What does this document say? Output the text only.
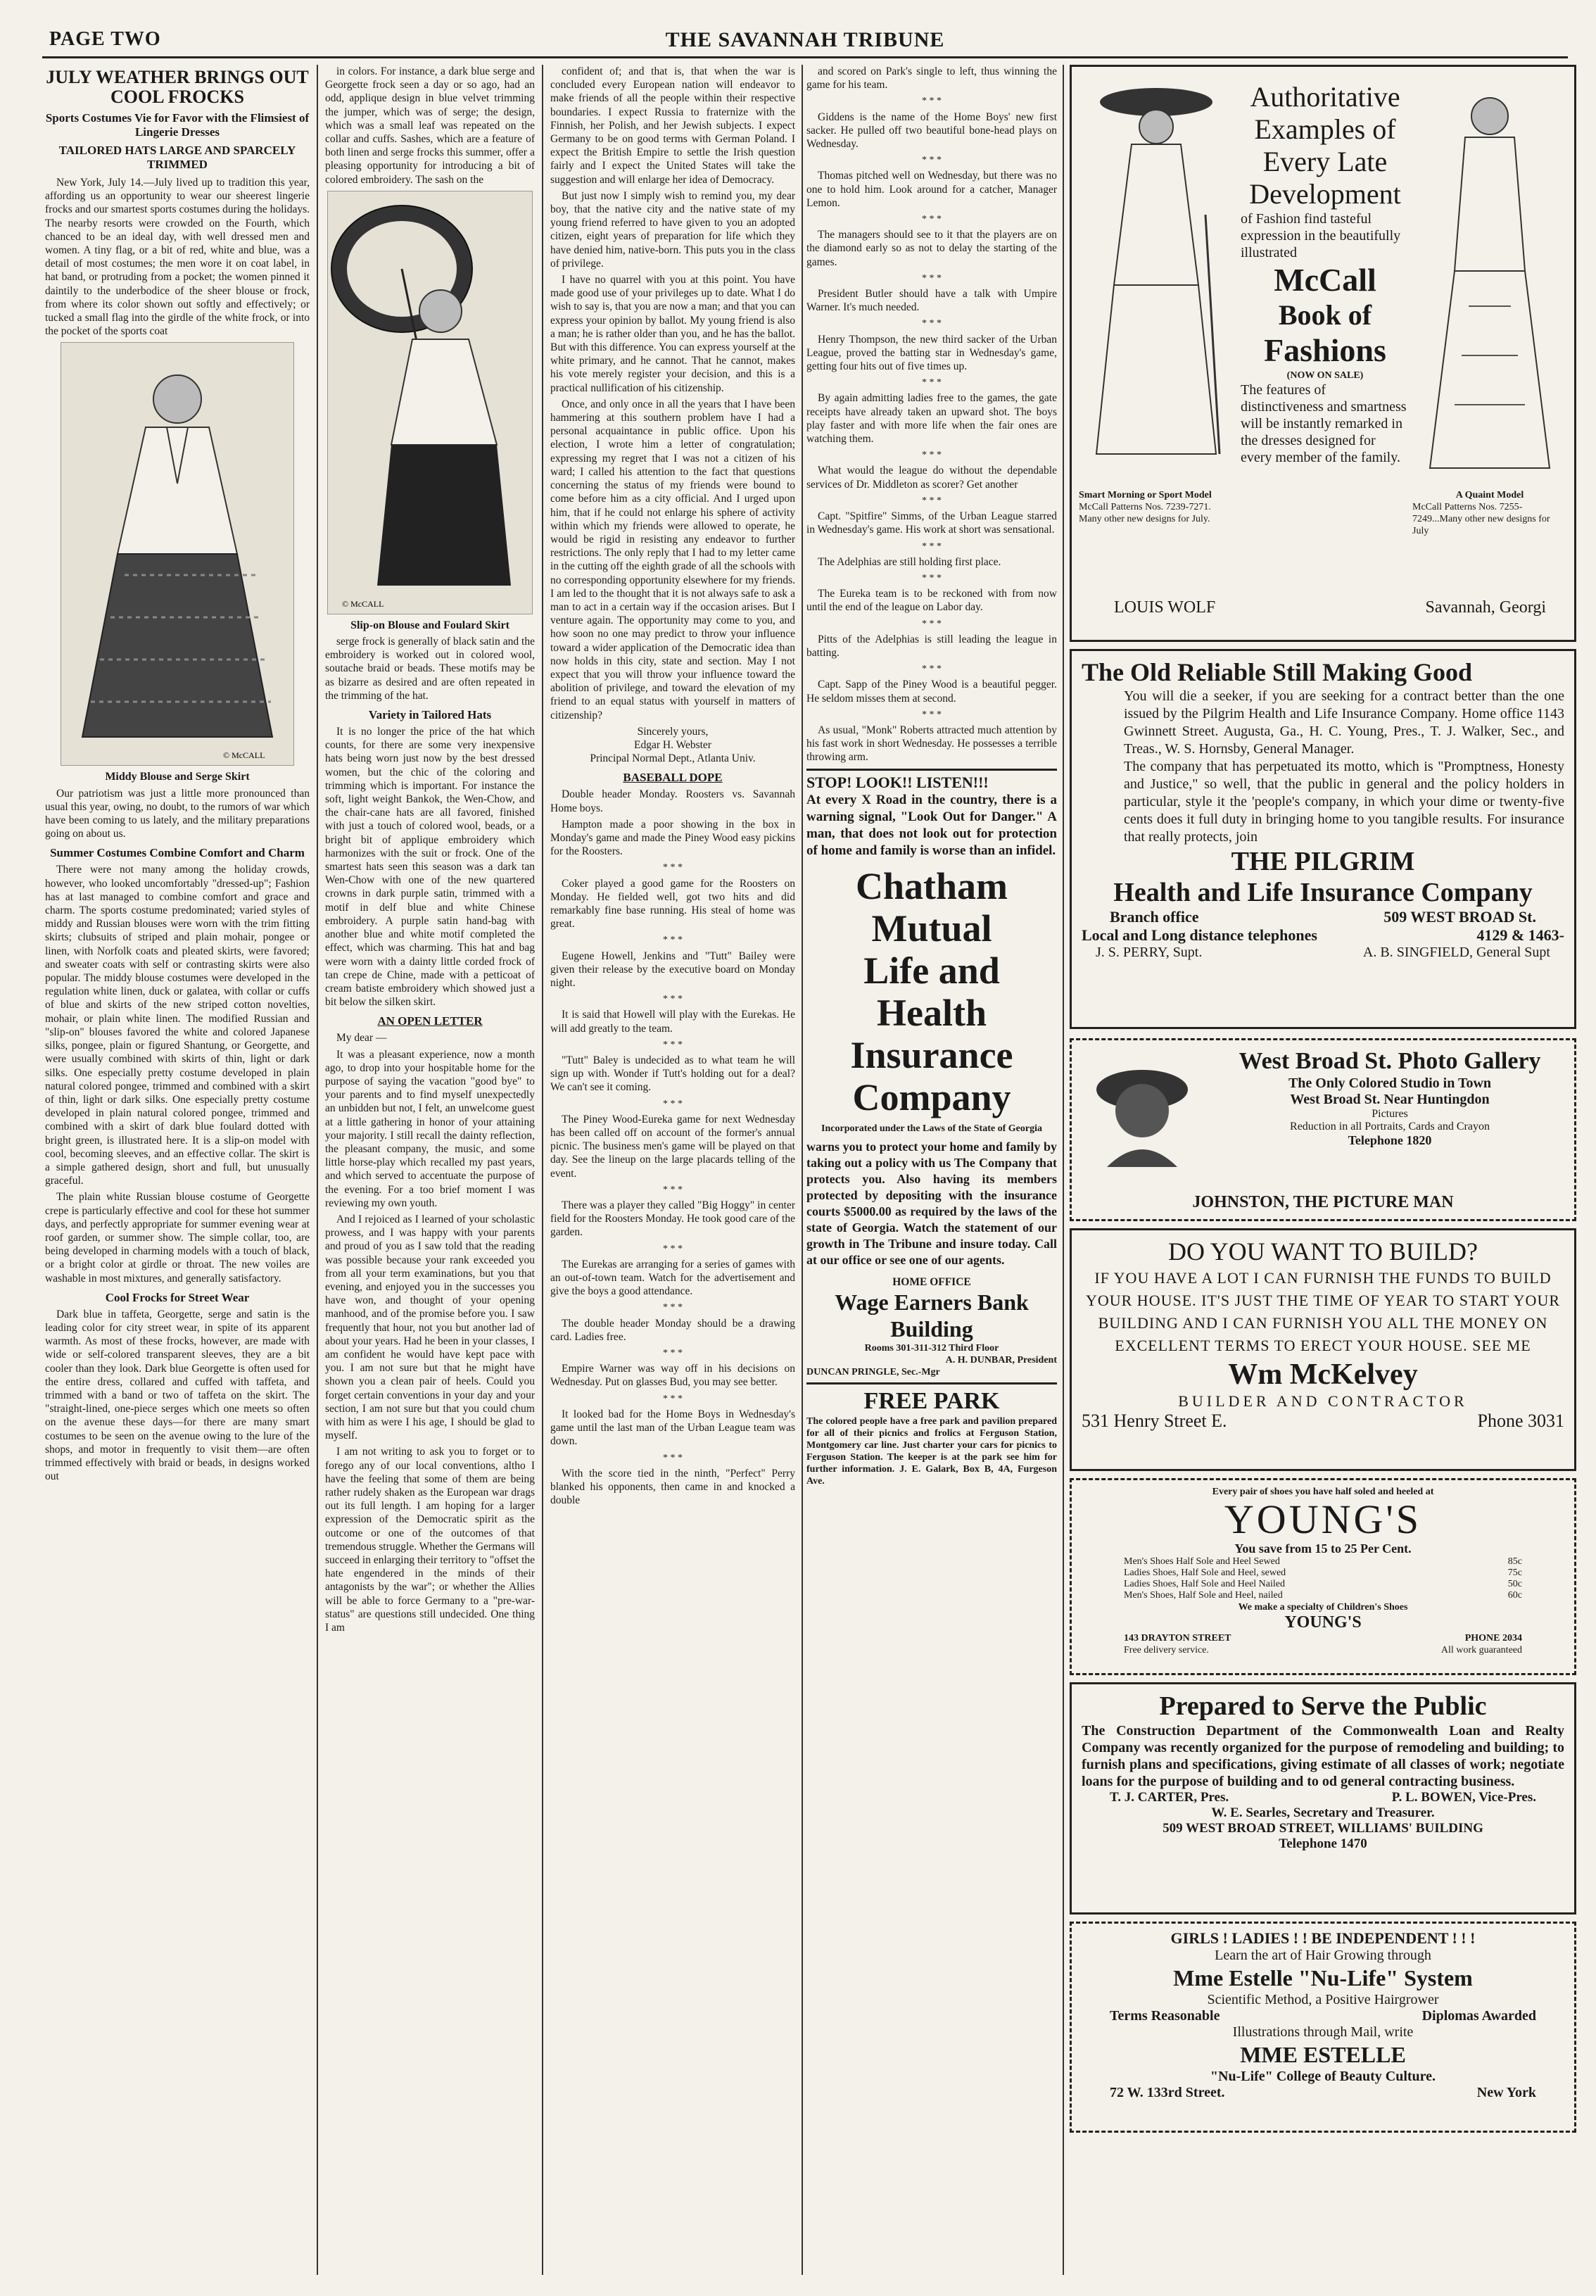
PAGE TWO	THE SAVANNAH TRIBUNE
JULY WEATHER BRINGS OUT COOL FROCKS
Sports Costumes Vie for Favor with the Flimsiest of Lingerie Dresses
TAILORED HATS LARGE AND SPARCELY TRIMMED

New York, July 14.—July lived up to tradition this year, affording us an opportunity to wear our sheerest lingerie frocks and our smartest sports costumes during the holidays. The nearby resorts were crowded on the Fourth, which chanced to be an ideal day, with well dressed men and women. A tiny flag, or a bit of red, white and blue, was a detail of most costumes; the men wore it on coat label, in hat band, or protruding from a pocket; the women pinned it daintily to the underbodice of the sheer blouse or frock, from where its color shown out softly and effectively; or tucked a small flag into the girdle of the white frock, or into the pocket of the sports coat

© McCALL
Middy Blouse and Serge Skirt

Our patriotism was just a little more pronounced than usual this year, owing, no doubt, to the rumors of war which have been coming to us lately, and the military preparations going on about us.

Summer Costumes Combine Comfort and Charm

There were not many among the holiday crowds, however, who looked uncomfortably "dressed-up"; Fashion has at last managed to combine comfort and grace and charm. The sports costume predominated; varied styles of middy and Russian blouses were worn with the trim fitting skirts; clubsuits of striped and plain mohair, pongee or linen, with Norfolk coats and pleated skirts, were favored; and sweater coats with self or contrasting skirts were also popular. The middy blouse costumes were developed in the regulation white linen, duck or galatea, with collar or cuffs of blue and skirts of the new striped cotton novelties, mohair, or plain white linen. The modified Russian and "slip-on" blouses favored the white and colored Japanese silks, pongee, plain or figured Shantung, or Georgette, and were usually combined with skirts of thin, light or dark silks. One especially pretty costume developed in plain natural colored pongee, trimmed and combined with a skirt of thin, light or dark silks. One especially pretty costume developed in plain natural colored pongee, trimmed and combined with a skirt of dark blue foulard dotted with bright green, is illustrated here. It is a slip-on model with cool, becoming sleeves, and an effective collar. The skirt is a simple gathered design, short and full, but unusually graceful.

The plain white Russian blouse costume of Georgette crepe is particularly effective and cool for these hot summer days, and perfectly appropriate for summer evening wear at roof garden, or summer show. The simple collar, too, are being developed in charming models with a touch of black, or a bright color at girdle or throat. The new voiles are washable in most mixtures, and generally satisfactory.

Cool Frocks for Street Wear

Dark blue in taffeta, Georgette, serge and satin is the leading color for city street wear, in spite of its apparent warmth. As most of these frocks, however, are made with wide or self-colored transparent sleeves, they are a bit cooler than they look. Dark blue Georgette is often used for the entire dress, collared and cuffed with taffeta, and trimmed with a band or two of taffeta on the skirt. The "straight-lined, one-piece serges which one meets so often on the avenue these days—for there are many smart costumes to be seen on the avenue owing to the lure of the shops, and motor in frequently to visit them—are often trimmed effectively with braid or beads, in designs worked out

in colors. For instance, a dark blue serge and Georgette frock seen a day or so ago, had an odd, applique design in blue velvet trimming the jumper, which was of serge; the design, which was a small leaf was repeated on the collar and cuffs. Sashes, which are a feature of both linen and serge frocks this summer, offer a pleasing opportunity for introducing a bit of colored embroidery. The sash on the

© McCALL
Slip-on Blouse and Foulard Skirt

serge frock is generally of black satin and the embroidery is worked out in colored wool, soutache braid or beads. These motifs may be as bizarre as desired and are often repeated in the trimming of the hat.

Variety in Tailored Hats

It is no longer the price of the hat which counts, for there are some very inexpensive hats being worn just now by the best dressed women, but the chic of the coloring and trimming which is important. For instance the soft, light weight Bankok, the Wen-Chow, and the chair-cane hats are all favored, finished with just a touch of colored wool, beads, or a bright bit of applique embroidery which harmonizes with the suit or frock. One of the smartest hats seen this season was a dark tan Wen-Chow with one of the new quartered crowns in dark purple satin, trimmed with a motif in delf blue and white Chinese embroidery. A purple satin hand-bag with another blue and white motif completed the effect, which was charming. This hat and bag were worn with a dainty little corded frock of tan crepe de Chine, made with a petticoat of cream batiste embroidery which showed just a bit below the silken skirt.

AN OPEN LETTER

My dear —

It was a pleasant experience, now a month ago, to drop into your hospitable home for the purpose of saying the vacation "good bye" to your parents and to find myself unexpectedly an unbidden but not, I felt, an unwelcome guest at a little gathering in honor of your attaining your majority. I still recall the dainty reflection, the pleasant company, the music, and some little horse-play which recalled my past years, and which served to accentuate the purpose of the evening. For a too brief moment I was reviewing my own youth.

And I rejoiced as I learned of your scholastic prowess, and I was happy with your parents and proud of you as I saw told that the reading was possible because your rank exceeded you from all your term examinations, but you that evening, and enjoyed you in the successes you have won, and thought of your opening manhood, and of the promise before you. I saw frequently that hour, not you but another lad of about your years. Had he been in your classes, I am confident he would have kept pace with you. I am not sure but that he might have shown you a clean pair of heels. Could you forget certain conventions in your day and your section, I am not sure but that you could chum with him as were I his age, I should be glad to myself.

I am not writing to ask you to forget or to forego any of our local conventions, altho I have the feeling that some of them are being rather rudely shaken as the European war drags out its full length. I am hoping for a larger expression of the Democratic spirit as the outcome or one of the outcomes of that tremendous struggle. Whether the Germans will succeed in enlarging their territory to "offset the hate engendered in the minds of their antagonists by the war"; or whether the Allies will be able to force Germany to a "pre-war-status" are questions still undecided. One thing I am

confident of; and that is, that when the war is concluded every European nation will endeavor to make friends of all the people within their respective boundaries. I expect Russia to fraternize with the Finnish, her Polish, and her Jewish subjects. I expect Germany to be on good terms with German Poland. I expect the British Empire to settle the Irish question fairly and I expect the United States will take the suggestion and will enlarge her idea of Democracy.

But just now I simply wish to remind you, my dear boy, that the native city and the native state of my young friend referred to have given to you an adopted citizen, eight years of preparation for life which they have denied him, native-born. This puts you in the class of privilege.

I have no quarrel with you at this point. You have made good use of your privileges up to date. What I do wish to say is, that you are now a man; and that you can express your opinion by ballot. My young friend is also a man; he is rather older than you, and he has the ballot. But with this difference. You can express yourself at the white primary, and he cannot. That he cannot, makes his vote merely register your decision, and this is a practical nullification of his citizenship.

Once, and only once in all the years that I have been hammering at this southern problem have I had a personal acquaintance in public office. Upon his election, I wrote him a letter of congratulation; expressing my regret that I was not a citizen of his ward; I called his attention to the fact that questions concerning the status of my friends were bound to come before him as a city official. And I urged upon him, that if he could not enlarge his sphere of activity within which my friends were allowed to operate, he would be rigid in resisting any endeavor to further restrictions. The only reply that I had to my letter came in the cutting off the eighth grade of all the schools with no corresponding opportunity elsewhere for my friends. I am led to the thought that it is not always safe to ask a man to act in a certain way if the occasion arises. But I venture again. The opportunity may come to you, and how soon no one may predict to throw your influence toward a wider application of the Democratic idea than now holds in this city, state and section. May I not expect that you will throw your influence toward the abolition of privilege, and toward the elevation of my friend to an equal status with yourself in matters of citizenship?

Sincerely yours,
Edgar H. Webster
Principal Normal Dept., Atlanta Univ.
BASEBALL DOPE

Double header Monday. Roosters vs. Savannah Home boys.

Hampton made a poor showing in the box in Monday's game and made the Piney Wood easy pickins for the Roosters.

* * *

Coker played a good game for the Roosters on Monday. He fielded well, got two hits and did remarkably fine base running. His steal of home was great.

* * *

Eugene Howell, Jenkins and "Tutt" Bailey were given their release by the executive board on Monday night.

* * *

It is said that Howell will play with the Eurekas. He will add greatly to the team.

* * *

"Tutt" Baley is undecided as to what team he will sign up with. Wonder if Tutt's holding out for a deal? We can't see it coming.

* * *

The Piney Wood-Eureka game for next Wednesday has been called off on account of the former's annual picnic. The business men's game will be played on that day. See the lineup on the large placards telling of the event.

* * *

There was a player they called "Big Hoggy" in center field for the Roosters Monday. He took good care of the garden.

* * *

The Eurekas are arranging for a series of games with an out-of-town team. Watch for the advertisement and give the boys a good attendance.

* * *

The double header Monday should be a drawing card. Ladies free.

* * *

Empire Warner was way off in his decisions on Wednesday. Put on glasses Bud, you may see better.

* * *

It looked bad for the Home Boys in Wednesday's game until the last man of the Urban League team was down.

* * *

With the score tied in the ninth, "Perfect" Perry blanked his opponents, then came in and knocked a double

and scored on Park's single to left, thus winning the game for his team.

* * *

Giddens is the name of the Home Boys' new first sacker. He pulled off two beautiful bone-head plays on Wednesday.

* * *

Thomas pitched well on Wednesday, but there was no one to hold him. Look around for a catcher, Manager Lemon.

* * *

The managers should see to it that the players are on the diamond early so as not to delay the starting of the games.

* * *

President Butler should have a talk with Umpire Warner. It's much needed.

* * *

Henry Thompson, the new third sacker of the Urban League, proved the batting star in Wednesday's game, getting four hits out of five times up.

* * *

By again admitting ladies free to the games, the gate receipts have already taken an upward shot. The boys play faster and with more life when the fair ones are watching them.

* * *

What would the league do without the dependable services of Dr. Middleton as scorer? Get another

* * *

Capt. "Spitfire" Simms, of the Urban League starred in Wednesday's game. His work at short was sensational.

* * *

The Adelphias are still holding first place.

* * *

The Eureka team is to be reckoned with from now until the end of the league on Labor day.

* * *

Pitts of the Adelphias is still leading the league in batting.

* * *

Capt. Sapp of the Piney Wood is a beautiful pegger. He seldom misses them at second.

* * *

As usual, "Monk" Roberts attracted much attention by his fast work in short Wednesday. He possesses a terrible throwing arm.

STOP! LOOK!! LISTEN!!!
At every X Road in the country, there is a warning signal, "Look Out for Danger." A man, that does not look out for protection of home and family is worse than an infidel.
Chatham
Mutual
Life and
Health
Insurance
Company
Incorporated under the Laws of the State of Georgia
warns you to protect your home and family by taking out a policy with us The Company that protects you. Also having its members protected by depositing with the insurance courts $5000.00 as required by the laws of the state of Georgia. Watch the statement of our growth in The Tribune and insure today. Call at our office or see one of our agents.
HOME OFFICE
Wage Earners Bank
Building
Rooms 301-311-312 Third Floor
A. H. DUNBAR, President
DUNCAN PRINGLE, Sec.-Mgr
FREE PARK
The colored people have a free park and pavilion prepared for all of their picnics and frolics at Ferguson Station, Montgomery car line. Just charter your cars for picnics to Ferguson Station. The keeper is at the park see him for further information. J. E. Galark, Box B, 4A, Furgeson Ave.
Authoritative
Examples of
Every Late
Development
of Fashion find tasteful expression in the beautifully illustrated
McCall
Book of
Fashions
(NOW ON SALE)
The features of distinctiveness and smartness will be instantly remarked in the dresses designed for every member of the family.
Smart Morning or Sport Model
McCall Patterns Nos. 7239-7271. Many other new designs for July.
A Quaint Model
McCall Patterns Nos. 7255-7249...Many other new designs for July
LOUIS WOLF	Savannah, Georgi
The Old Reliable Still Making Good
You will die a seeker, if you are seeking for a contract better than the one issued by the Pilgrim Health and Life Insurance Company. Home office 1143 Gwinnett Street. Augusta, Ga., H. C. Young, Pres., T. J. Walker, Sec., and Treas., W. S. Hornsby, General Manager.
The company that has perpetuated its motto, which is "Promptness, Honesty and Justice," so well, that the public in general and the policy holders in particular, style it the 'people's company, in which your dime or twenty-five cents does it full duty in bringing home to you tangible results. For insurance that really protects, join
THE PILGRIM
Health and Life Insurance Company
Branch office	509 WEST BROAD St.
Local and Long distance telephones	4129 & 1463-
J. S. PERRY, Supt.	A. B. SINGFIELD, General Supt
West Broad St. Photo Gallery
The Only Colored Studio in Town
West Broad St. Near Huntingdon
Pictures
Reduction in all Portraits, Cards and Crayon
Telephone 1820
JOHNSTON, THE PICTURE MAN
DO YOU WANT TO BUILD?
IF YOU HAVE A LOT I CAN FURNISH THE FUNDS TO BUILD YOUR HOUSE. IT'S JUST THE TIME OF YEAR TO START YOUR BUILDING AND I CAN FURNISH YOU ALL THE MONEY ON EXCELLENT TERMS TO ERECT YOUR HOUSE. SEE ME
Wm McKelvey
BUILDER AND CONTRACTOR
531 Henry Street E.	Phone 3031
Every pair of shoes you have half soled and heeled at
YOUNG'S
You save from 15 to 25 Per Cent.
Men's Shoes Half Sole and Heel Sewed	85c
Ladies Shoes, Half Sole and Heel, sewed	75c
Ladies Shoes, Half Sole and Heel Nailed	50c
Men's Shoes, Half Sole and Heel, nailed	60c
We make a specialty of Children's Shoes
YOUNG'S
143 DRAYTON STREET	PHONE 2034
Free delivery service.	All work guaranteed
Prepared to Serve the Public
The Construction Department of the Commonwealth Loan and Realty Company was recently organized for the purpose of remodeling and building; to furnish plans and specifications, giving estimate of all classes of work; negotiate loans for the purpose of building and to od general contracting business.
T. J. CARTER, Pres.	P. L. BOWEN, Vice-Pres.
W. E. Searles, Secretary and Treasurer.
509 WEST BROAD STREET, WILLIAMS' BUILDING
Telephone 1470
GIRLS ! LADIES ! ! BE INDEPENDENT ! ! !
Learn the art of Hair Growing through
Mme Estelle "Nu-Life" System
Scientific Method, a Positive Hairgrower
Terms Reasonable	Diplomas Awarded
Illustrations through Mail, write
MME ESTELLE
"Nu-Life" College of Beauty Culture.
72 W. 133rd Street.	New York
